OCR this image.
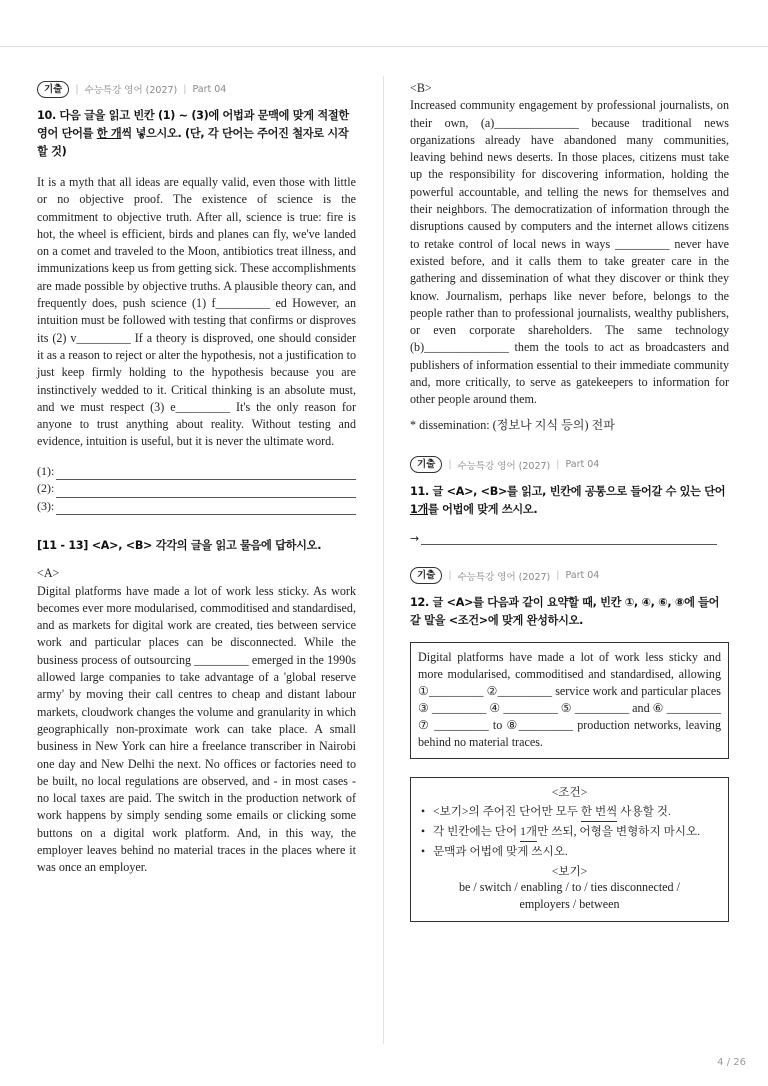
기출	| 수능특강 영어 (2027) | Part 04

10. 다음 글을 읽고 빈칸 (1) ~ (3)에 어법과 문맥에 맞게 적절한 영어 단어를 한 개씩 넣으시오. (단, 각 단어는 주어진 철자로 시작할 것)

It is a myth that all ideas are equally valid, even those with little or no objective proof. The existence of science is the commitment to objective truth. After all, science is true: fire is hot, the wheel is efficient, birds and planes can fly, we've landed on a comet and traveled to the Moon, antibiotics treat illness, and immunizations keep us from getting sick. These accomplishments are made possible by objective truths. A plausible theory can, and frequently does, push science (1) f_________ ed However, an intuition must be followed with testing that confirms or disproves its (2) v_________ If a theory is disproved, one should consider it as a reason to reject or alter the hypothesis, not a justification to just keep firmly holding to the hypothesis because you are instinctively wedded to it. Critical thinking is an absolute must, and we must respect (3) e_________ It's the only reason for anyone to trust anything about reality. Without testing and evidence, intuition is useful, but it is never the ultimate word.

(1):
(2):
(3):
[11 - 13] <A>, <B> 각각의 글을 읽고 물음에 답하시오.
<A>

Digital platforms have made a lot of work less sticky. As work becomes ever more modularised, commoditised and standardised, and as markets for digital work are created, ties between service work and particular places can be disconnected. While the business process of outsourcing _________ emerged in the 1990s allowed large companies to take advantage of a 'global reserve army' by moving their call centres to cheap and distant labour markets, cloudwork changes the volume and granularity in which geographically non-proximate work can take place. A small business in New York can hire a freelance transcriber in Nairobi one day and New Delhi the next. No offices or factories need to be built, no local regulations are observed, and - in most cases - no local taxes are paid. The switch in the production network of work happens by simply sending some emails or clicking some buttons on a digital work platform. And, in this way, the employer leaves behind no material traces in the places where it was once an employer.

<B>

Increased community engagement by professional journalists, on their own, (a)______________ because traditional news organizations already have abandoned many communities, leaving behind news deserts. In those places, citizens must take up the responsibility for discovering information, holding the powerful accountable, and telling the news for themselves and their neighbors. The democratization of information through the disruptions caused by computers and the internet allows citizens to retake control of local news in ways _________ never have existed before, and it calls them to take greater care in the gathering and dissemination of what they discover or think they know. Journalism, perhaps like never before, belongs to the people rather than to professional journalists, wealthy publishers, or even corporate shareholders. The same technology (b)______________ them the tools to act as broadcasters and publishers of information essential to their immediate community and, more critically, to serve as gatekeepers to information for other people around them.

* dissemination: (정보나 지식 등의) 전파

기출	| 수능특강 영어 (2027) | Part 04

11. 글 <A>, <B>를 읽고, 빈칸에 공통으로 들어갈 수 있는 단어 1개를 어법에 맞게 쓰시오.

→
기출	| 수능특강 영어 (2027) | Part 04

12. 글 <A>를 다음과 같이 요약할 때, 빈칸 ①, ④, ⑥, ⑧에 들어갈 말을 <조건>에 맞게 완성하시오.

Digital platforms have made a lot of work less sticky and more modularised, commoditised and standardised, allowing ①_________ ②_________ service work and particular places ③ _________ ④ _________ ⑤ _________ and ⑥ _________ ⑦ _________ to ⑧_________ production networks, leaving behind no material traces.

<조건>
• <보기>의 주어진 단어만 모두 한 번씩 사용할 것.
• 각 빈칸에는 단어 1개만 쓰되, 어형을 변형하지 마시오.
• 문맥과 어법에 맞게 쓰시오.
<보기>
be / switch / enabling / to / ties disconnected / employers / between
4 / 26
